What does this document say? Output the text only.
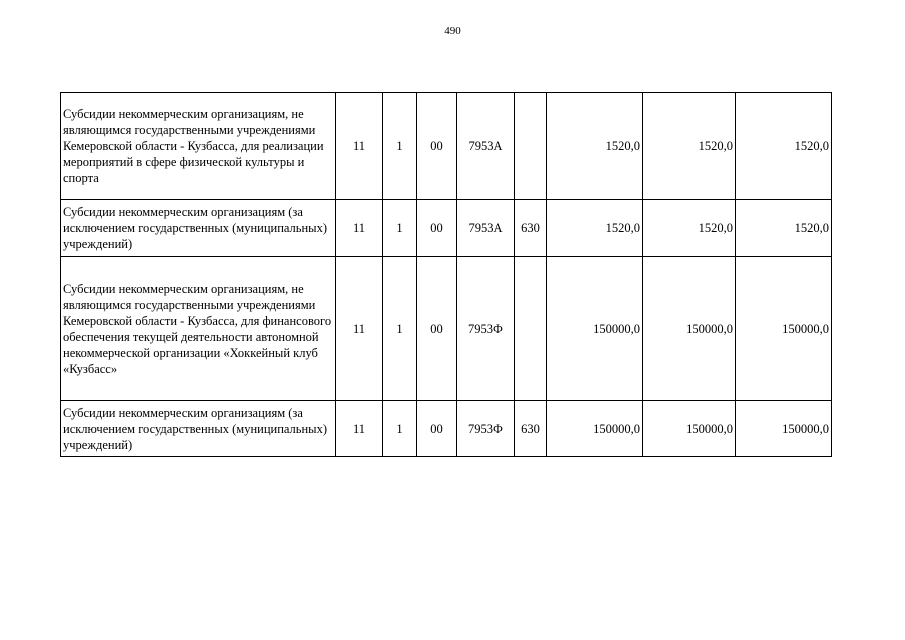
490
Субсидии некоммерческим организациям, не являющимся государственными учреждениями Кемеровской области - Кузбасса, для реализации мероприятий в сфере физической культуры и спорта	11	1	00	7953А		1520,0	1520,0	1520,0
Субсидии некоммерческим организациям (за исключением государственных (муниципальных) учреждений)	11	1	00	7953А	630	1520,0	1520,0	1520,0
Субсидии некоммерческим организациям, не являющимся государственными учреждениями Кемеровской области - Кузбасса, для финансового обеспечения текущей деятельности автономной некоммерческой организации «Хоккейный клуб «Кузбасс»	11	1	00	7953Ф		150000,0	150000,0	150000,0
Субсидии некоммерческим организациям (за исключением государственных (муниципальных) учреждений)	11	1	00	7953Ф	630	150000,0	150000,0	150000,0
